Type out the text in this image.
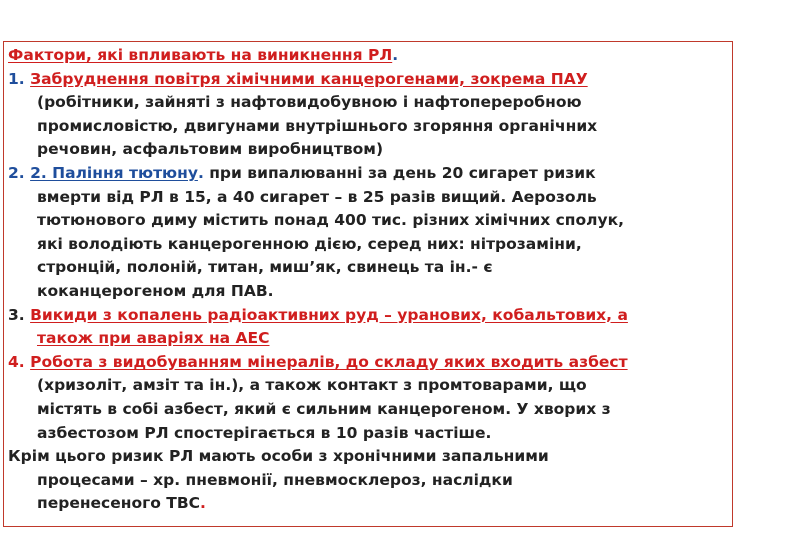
Фактори, які впливають на виникнення РЛ.
1. Забруднення повітря хімічними канцерогенами, зокрема ПАУ
(робітники, зайняті з нафтовидобувною і нафтопереробною
промисловістю, двигунами внутрішнього згоряння органічних
речовин, асфальтовим виробництвом)
2. 2. Паління тютюну. при випалюванні за день 20 сигарет ризик
вмерти від РЛ в 15, а 40 сигарет – в 25 разів вищий. Аерозоль
тютюнового диму містить понад 400 тис. різних хімічних сполук,
які володіють канцерогенною дією, серед них: нітрозаміни,
стронцій, полоній, титан, миш’як, свинець та ін.- є
коканцерогеном для ПАВ.
3. Викиди з копалень радіоактивних руд – уранових, кобальтових, а
також при аваріях на АЕС
4. Робота з видобуванням мінералів, до складу яких входить азбест
(хризоліт, амзіт та ін.), а також контакт з промтоварами, що
містять в собі азбест, який є сильним канцерогеном. У хворих з
азбестозом РЛ спостерігається в 10 разів частіше.
Крім цього ризик РЛ мають особи з хронічними запальними
процесами – хр. пневмонії, пневмосклероз, наслідки
перенесеного ТВС.
